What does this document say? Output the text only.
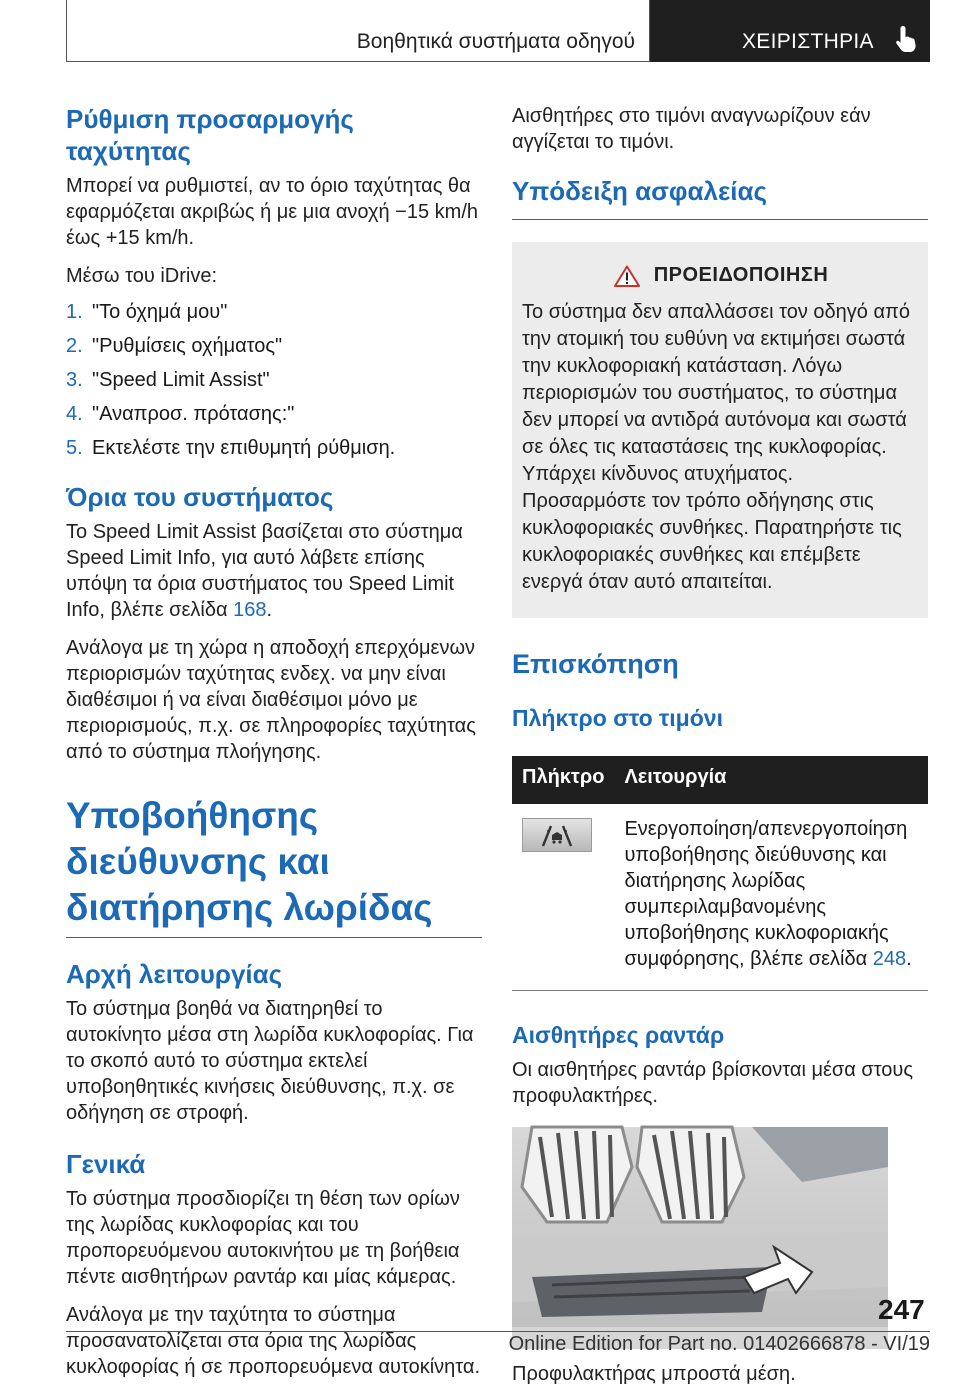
Βοηθητικά συστήματα οδηγού	ΧΕΙΡΙΣΤΗΡΙΑ
Ρύθμιση προσαρμογής ταχύτητας

Μπορεί να ρυθμιστεί, αν το όριο ταχύτητας θα εφαρμόζεται ακριβώς ή με μια ανοχή −15 km/h έως +15 km/h.

Μέσω του iDrive:

1. "Το όχημά μου"
2. "Ρυθμίσεις οχήματος"
3. "Speed Limit Assist"
4. "Αναπροσ. πρότασης:"
5. Εκτελέστε την επιθυμητή ρύθμιση.
Όρια του συστήματος

Το Speed Limit Assist βασίζεται στο σύστημα Speed Limit Info, για αυτό λάβετε επίσης υπόψη τα όρια συστήματος του Speed Limit Info, βλέπε σελίδα 168.

Ανάλογα με τη χώρα η αποδοχή επερχόμενων περιορισμών ταχύτητας ενδεχ. να μην είναι διαθέσιμοι ή να είναι διαθέσιμοι μόνο με περιορισμούς, π.χ. σε πληροφορίες ταχύτητας από το σύστημα πλοήγησης.

Υποβοήθησης διεύθυνσης και διατήρησης λωρίδας
Αρχή λειτουργίας

Το σύστημα βοηθά να διατηρηθεί το αυτοκίνητο μέσα στη λωρίδα κυκλοφορίας. Για το σκοπό αυτό το σύστημα εκτελεί υποβοηθητικές κινήσεις διεύθυνσης, π.χ. σε οδήγηση σε στροφή.

Γενικά

Το σύστημα προσδιορίζει τη θέση των ορίων της λωρίδας κυκλοφορίας και του προπορευόμενου αυτοκινήτου με τη βοήθεια πέντε αισθητήρων ραντάρ και μίας κάμερας.

Ανάλογα με την ταχύτητα το σύστημα προσανατολίζεται στα όρια της λωρίδας κυκλοφορίας ή σε προπορευόμενα αυτοκίνητα.

Αισθητήρες στο τιμόνι αναγνωρίζουν εάν αγγίζεται το τιμόνι.

Υπόδειξη ασφαλείας
ΠΡΟΕΙΔΟΠΟΙΗΣΗ

Το σύστημα δεν απαλλάσσει τον οδηγό από την ατομική του ευθύνη να εκτιμήσει σωστά την κυκλοφοριακή κατάσταση. Λόγω περιορισμών του συστήματος, το σύστημα δεν μπορεί να αντιδρά αυτόνομα και σωστά σε όλες τις καταστάσεις της κυκλοφορίας. Υπάρχει κίνδυνος ατυχήματος. Προσαρμόστε τον τρόπο οδήγησης στις κυκλοφοριακές συνθήκες. Παρατηρήστε τις κυκλοφοριακές συνθήκες και επέμβετε ενεργά όταν αυτό απαιτείται.

Επισκόπηση
Πλήκτρο στο τιμόνι
Πλήκτρο	Λειτουργία

	Ενεργοποίηση/απενεργοποίηση υποβοήθησης διεύθυνσης και διατήρησης λωρίδας συμπεριλαμβανομένης υποβοήθησης κυκλοφοριακής συμφόρησης, βλέπε σελίδα 248.
Αισθητήρες ραντάρ

Οι αισθητήρες ραντάρ βρίσκονται μέσα στους προφυλακτήρες.

Προφυλακτήρας μπροστά μέση.

247
Online Edition for Part no. 01402666878 - VI/19
